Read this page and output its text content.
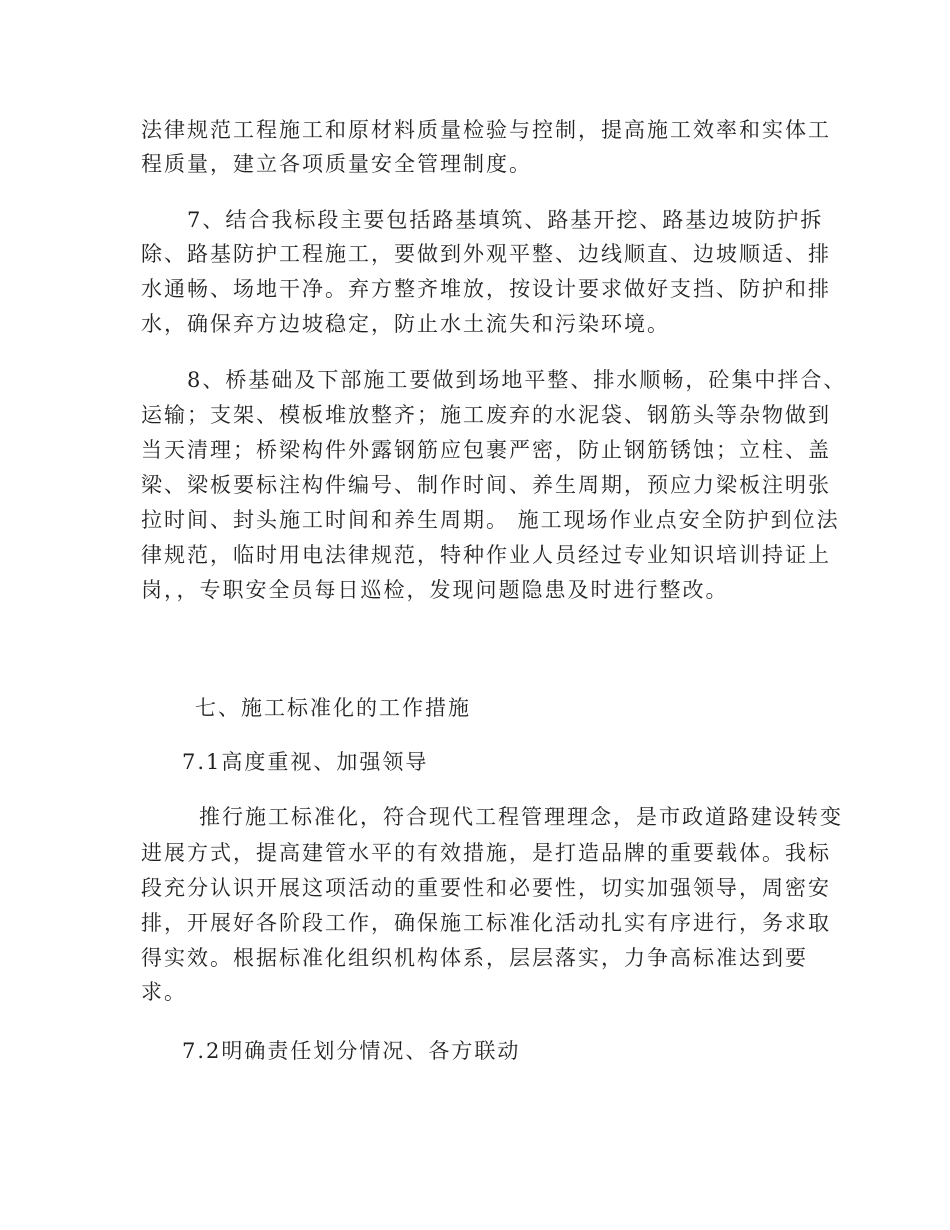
法律规范工程施工和原材料质量检验与控制，提高施工效率和实体工
程质量，建立各项质量安全管理制度。
7、结合我标段主要包括路基填筑、路基开挖、路基边坡防护拆
除、路基防护工程施工，要做到外观平整、边线顺直、边坡顺适、排
水通畅、场地干净。弃方整齐堆放，按设计要求做好支挡、防护和排
水，确保弃方边坡稳定，防止水土流失和污染环境。
8、桥基础及下部施工要做到场地平整、排水顺畅，砼集中拌合、
运输；支架、模板堆放整齐；施工废弃的水泥袋、钢筋头等杂物做到
当天清理；桥梁构件外露钢筋应包裹严密，防止钢筋锈蚀；立柱、盖
梁、梁板要标注构件编号、制作时间、养生周期，预应力梁板注明张
拉时间、封头施工时间和养生周期。 施工现场作业点安全防护到位法
律规范，临时用电法律规范，特种作业人员经过专业知识培训持证上
岗，，专职安全员每日巡检，发现问题隐患及时进行整改。
七、施工标准化的工作措施
7.1高度重视、加强领导
推行施工标准化，符合现代工程管理理念，是市政道路建设转变
进展方式，提高建管水平的有效措施，是打造品牌的重要载体。我标
段充分认识开展这项活动的重要性和必要性，切实加强领导，周密安
排，开展好各阶段工作，确保施工标准化活动扎实有序进行，务求取
得实效。根据标准化组织机构体系，层层落实，力争高标准达到要
求。
7.2明确责任划分情况、各方联动
